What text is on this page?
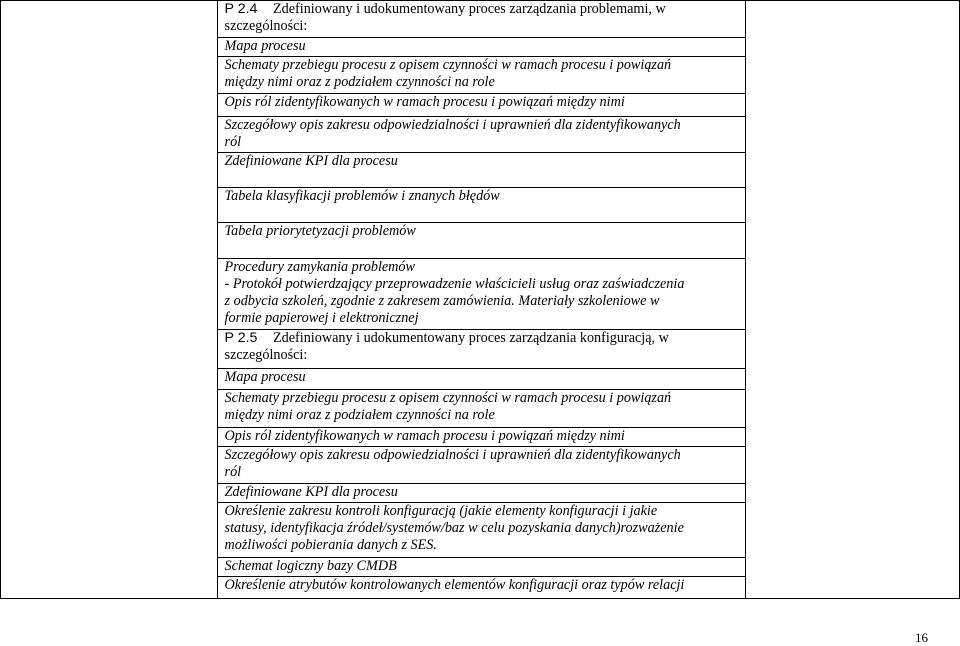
P 2.4 Zdefiniowany i udokumentowany proces zarządzania problemami, w
szczególności:
Mapa procesu
Schematy przebiegu procesu z opisem czynności w ramach procesu i powiązań
między nimi oraz z podziałem czynności na role
Opis ról zidentyfikowanych w ramach procesu i powiązań między nimi
Szczegółowy opis zakresu odpowiedzialności i uprawnień dla zidentyfikowanych
ról
Zdefiniowane KPI dla procesu
Tabela klasyfikacji problemów i znanych błędów
Tabela priorytetyzacji problemów
Procedury zamykania problemów
- Protokół potwierdzający przeprowadzenie właścicieli usług oraz zaświadczenia
z odbycia szkoleń, zgodnie z zakresem zamówienia. Materiały szkoleniowe w
formie papierowej i elektronicznej
P 2.5 Zdefiniowany i udokumentowany proces zarządzania konfiguracją, w
szczególności:
Mapa procesu
Schematy przebiegu procesu z opisem czynności w ramach procesu i powiązań
między nimi oraz z podziałem czynności na role
Opis ról zidentyfikowanych w ramach procesu i powiązań między nimi
Szczegółowy opis zakresu odpowiedzialności i uprawnień dla zidentyfikowanych
ról
Zdefiniowane KPI dla procesu
Określenie zakresu kontroli konfiguracją (jakie elementy konfiguracji i jakie
statusy, identyfikacja źródeł/systemów/baz w celu pozyskania danych)rozważenie
możliwości pobierania danych z SES.
Schemat logiczny bazy CMDB
Określenie atrybutów kontrolowanych elementów konfiguracji oraz typów relacji

16
